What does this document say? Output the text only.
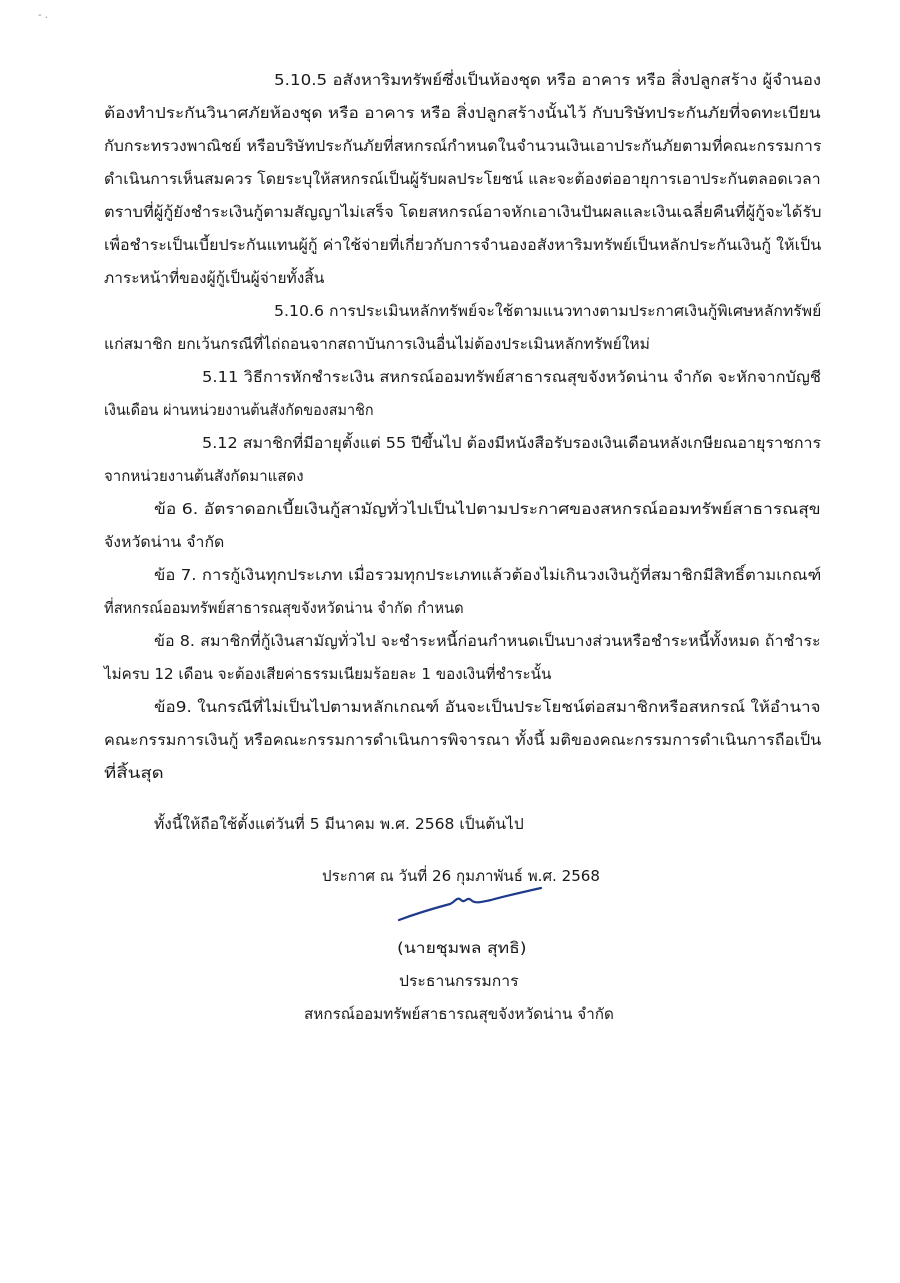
‐ .
5.10.5 อสังหาริมทรัพย์ซึ่งเป็นห้องชุด หรือ อาคาร หรือ สิ่งปลูกสร้าง ผู้จำนอง
ต้องทำประกันวินาศภัยห้องชุด หรือ อาคาร หรือ สิ่งปลูกสร้างนั้นไว้ กับบริษัทประกันภัยที่จดทะเบียน
กับกระทรวงพาณิชย์ หรือบริษัทประกันภัยที่สหกรณ์กำหนดในจำนวนเงินเอาประกันภัยตามที่คณะกรรมการ
ดำเนินการเห็นสมควร โดยระบุให้สหกรณ์เป็นผู้รับผลประโยชน์ และจะต้องต่ออายุการเอาประกันตลอดเวลา
ตราบที่ผู้กู้ยังชำระเงินกู้ตามสัญญาไม่เสร็จ โดยสหกรณ์อาจหักเอาเงินปันผลและเงินเฉลี่ยคืนที่ผู้กู้จะได้รับ
เพื่อชำระเป็นเบี้ยประกันแทนผู้กู้ ค่าใช้จ่ายที่เกี่ยวกับการจำนองอสังหาริมทรัพย์เป็นหลักประกันเงินกู้ ให้เป็น
ภาระหน้าที่ของผู้กู้เป็นผู้จ่ายทั้งสิ้น
5.10.6 การประเมินหลักทรัพย์จะใช้ตามแนวทางตามประกาศเงินกู้พิเศษหลักทรัพย์
แก่สมาชิก ยกเว้นกรณีที่ไถ่ถอนจากสถาบันการเงินอื่นไม่ต้องประเมินหลักทรัพย์ใหม่
5.11 วิธีการหักชำระเงิน สหกรณ์ออมทรัพย์สาธารณสุขจังหวัดน่าน จำกัด จะหักจากบัญชี
เงินเดือน ผ่านหน่วยงานต้นสังกัดของสมาชิก
5.12 สมาชิกที่มีอายุตั้งแต่ 55 ปีขึ้นไป ต้องมีหนังสือรับรองเงินเดือนหลังเกษียณอายุราชการ
จากหน่วยงานต้นสังกัดมาแสดง
ข้อ 6. อัตราดอกเบี้ยเงินกู้สามัญทั่วไปเป็นไปตามประกาศของสหกรณ์ออมทรัพย์สาธารณสุข
จังหวัดน่าน จำกัด
ข้อ 7. การกู้เงินทุกประเภท เมื่อรวมทุกประเภทแล้วต้องไม่เกินวงเงินกู้ที่สมาชิกมีสิทธิ์ตามเกณฑ์
ที่สหกรณ์ออมทรัพย์สาธารณสุขจังหวัดน่าน จำกัด กำหนด
ข้อ 8. สมาชิกที่กู้เงินสามัญทั่วไป จะชำระหนี้ก่อนกำหนดเป็นบางส่วนหรือชำระหนี้ทั้งหมด ถ้าชำระ
ไม่ครบ 12 เดือน จะต้องเสียค่าธรรมเนียมร้อยละ 1 ของเงินที่ชำระนั้น
ข้อ9. ในกรณีที่ไม่เป็นไปตามหลักเกณฑ์ อันจะเป็นประโยชน์ต่อสมาชิกหรือสหกรณ์ ให้อำนาจ
คณะกรรมการเงินกู้ หรือคณะกรรมการดำเนินการพิจารณา ทั้งนี้ มติของคณะกรรมการดำเนินการถือเป็น
ที่สิ้นสุด
ทั้งนี้ให้ถือใช้ตั้งแต่วันที่ 5 มีนาคม พ.ศ. 2568 เป็นต้นไป
ประกาศ ณ วันที่ 26 กุมภาพันธ์ พ.ศ. 2568
(นายชุมพล สุทธิ)
ประธานกรรมการ
สหกรณ์ออมทรัพย์สาธารณสุขจังหวัดน่าน จำกัด
